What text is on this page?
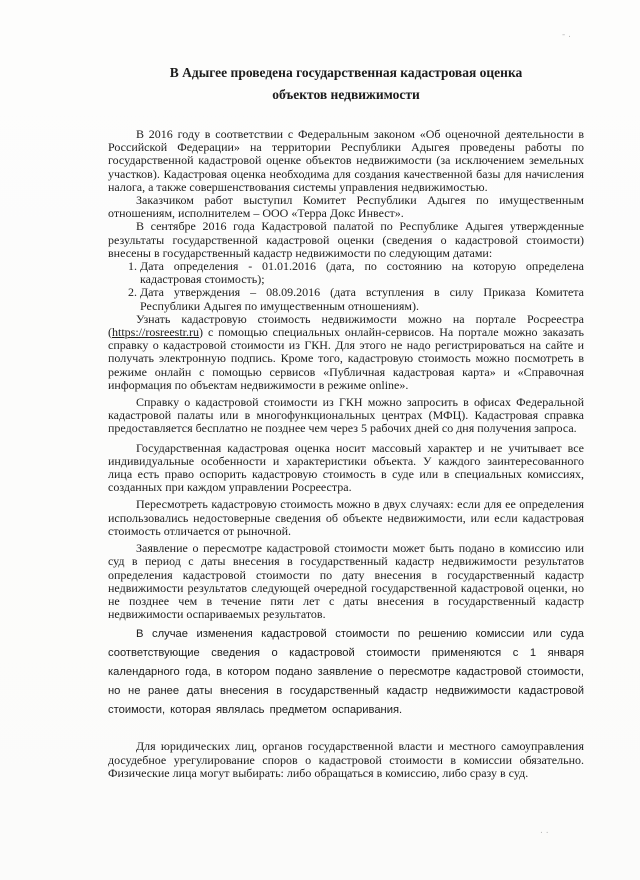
- .
. .
В Адыгее проведена государственная кадастровая оценка
объектов недвижимости

В 2016 году в соответствии с Федеральным законом «Об оценочной деятельности в Российской Федерации» на территории Республики Адыгея проведены работы по государственной кадастровой оценке объектов недвижимости (за исключением земельных участков). Кадастровая оценка необходима для создания качественной базы для начисления налога, а также совершенствования системы управления недвижимостью.

Заказчиком работ выступил Комитет Республики Адыгея по имущественным отношениям, исполнителем – ООО «Терра Докс Инвест».

В сентябре 2016 года Кадастровой палатой по Республике Адыгея утвержденные результаты государственной кадастровой оценки (сведения о кадастровой стоимости) внесены в государственный кадастр недвижимости по следующим датами:

1. Дата определения - 01.01.2016 (дата, по состоянию на которую определена кадастровая стоимость);
2. Дата утверждения – 08.09.2016 (дата вступления в силу Приказа Комитета Республики Адыгея по имущественным отношениям).

Узнать кадастровую стоимость недвижимости можно на портале Росреестра (https://rosreestr.ru) с помощью специальных онлайн-сервисов. На портале можно заказать справку о кадастровой стоимости из ГКН. Для этого не надо регистрироваться на сайте и получать электронную подпись. Кроме того, кадастровую стоимость можно посмотреть в режиме онлайн с помощью сервисов «Публичная кадастровая карта» и «Справочная информация по объектам недвижимости в режиме online».

Справку о кадастровой стоимости из ГКН можно запросить в офисах Федеральной кадастровой палаты или в многофункциональных центрах (МФЦ). Кадастровая справка предоставляется бесплатно не позднее чем через 5 рабочих дней со дня получения запроса.

Государственная кадастровая оценка носит массовый характер и не учитывает все индивидуальные особенности и характеристики объекта. У каждого заинтересованного лица есть право оспорить кадастровую стоимость в суде или в специальных комиссиях, созданных при каждом управлении Росреестра.

Пересмотреть кадастровую стоимость можно в двух случаях: если для ее определения использовались недостоверные сведения об объекте недвижимости, или если кадастровая стоимость отличается от рыночной.

Заявление о пересмотре кадастровой стоимости может быть подано в комиссию или суд в период с даты внесения в государственный кадастр недвижимости результатов определения кадастровой стоимости по дату внесения в государственный кадастр недвижимости результатов следующей очередной государственной кадастровой оценки, но не позднее чем в течение пяти лет с даты внесения в государственный кадастр недвижимости оспариваемых результатов.

В случае изменения кадастровой стоимости по решению комиссии или суда соответствующие сведения о кадастровой стоимости применяются с 1 января календарного года, в котором подано заявление о пересмотре кадастровой стоимости, но не ранее даты внесения в государственный кадастр недвижимости кадастровой стоимости, которая являлась предметом оспаривания.

Для юридических лиц, органов государственной власти и местного самоуправления досудебное урегулирование споров о кадастровой стоимости в комиссии обязательно. Физические лица могут выбирать: либо обращаться в комиссию, либо сразу в суд.
